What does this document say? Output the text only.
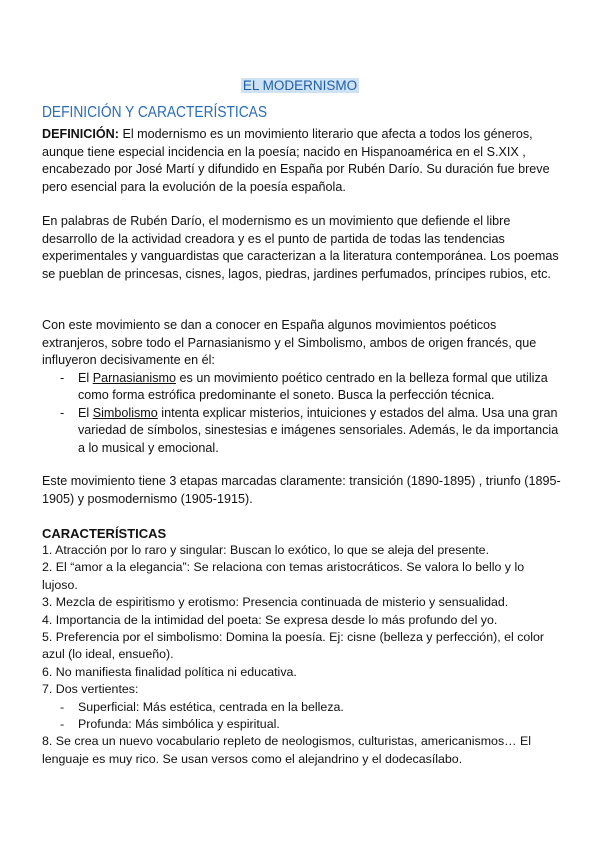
EL MODERNISMO
DEFINICIÓN Y CARACTERÍSTICAS

DEFINICIÓN: El modernismo es un movimiento literario que afecta a todos los géneros, aunque tiene especial incidencia en la poesía; nacido en Hispanoamérica en el S.XIX , encabezado por José Martí y difundido en España por Rubén Darío. Su duración fue breve pero esencial para la evolución de la poesía española.

En palabras de Rubén Darío, el modernismo es un movimiento que defiende el libre desarrollo de la actividad creadora y es el punto de partida de todas las tendencias experimentales y vanguardistas que caracterizan a la literatura contemporánea. Los poemas se pueblan de princesas, cisnes, lagos, piedras, jardines perfumados, príncipes rubios, etc.

Con este movimiento se dan a conocer en España algunos movimientos poéticos extranjeros, sobre todo el Parnasianismo y el Simbolismo, ambos de origen francés, que influyeron decisivamente en él:

- El Parnasianismo es un movimiento poético centrado en la belleza formal que utiliza como forma estrófica predominante el soneto. Busca la perfección técnica.
- El Simbolismo intenta explicar misterios, intuiciones y estados del alma. Usa una gran variedad de símbolos, sinestesias e imágenes sensoriales. Además, le da importancia a lo musical y emocional.

Este movimiento tiene 3 etapas marcadas claramente: transición (1890-1895) , triunfo (1895-1905) y posmodernismo (1905-1915).

CARACTERÍSTICAS

1. Atracción por lo raro y singular: Buscan lo exótico, lo que se aleja del presente.

2. El “amor a la elegancia”: Se relaciona con temas aristocráticos. Se valora lo bello y lo lujoso.

3. Mezcla de espiritismo y erotismo: Presencia continuada de misterio y sensualidad.

4. Importancia de la intimidad del poeta: Se expresa desde lo más profundo del yo.

5. Preferencia por el simbolismo: Domina la poesía. Ej: cisne (belleza y perfección), el color azul (lo ideal, ensueño).

6. No manifiesta finalidad política ni educativa.

7. Dos vertientes:

- Superficial: Más estética, centrada en la belleza.
- Profunda: Más simbólica y espiritual.

8. Se crea un nuevo vocabulario repleto de neologismos, culturistas, americanismos… El lenguaje es muy rico. Se usan versos como el alejandrino y el dodecasílabo.
